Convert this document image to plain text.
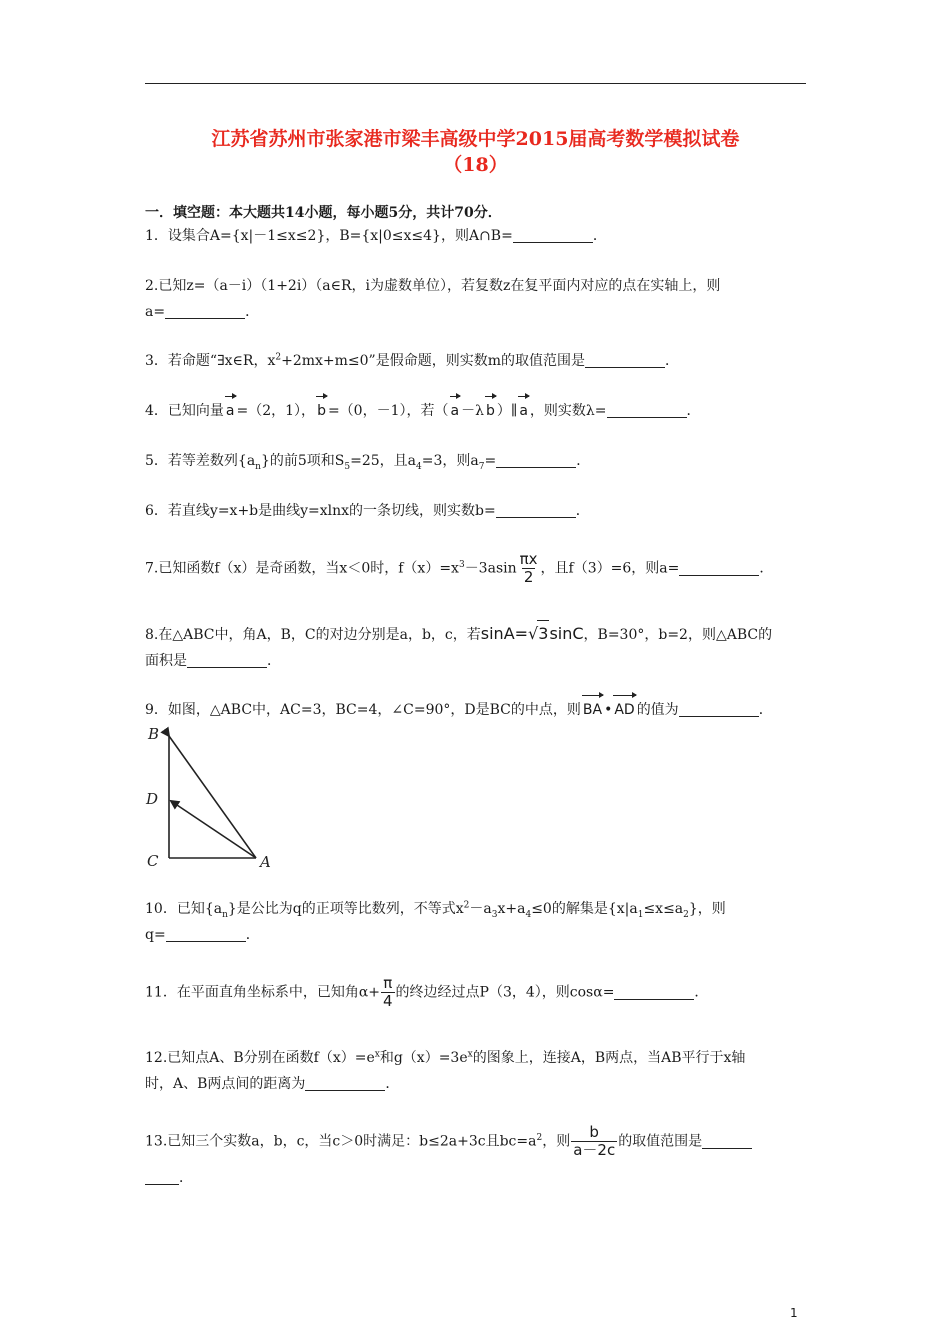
江苏省苏州市张家港市梁丰高级中学2015届高考数学模拟试卷
（18）
一．填空题：本大题共14小题，每小题5分，共计70分．
1．设集合A={x|－1≤x≤2}，B={x|0≤x≤4}，则A∩B=	．
2.已知z=（a－i）（1+2i）（a∈R，i为虚数单位），若复数z在复平面内对应的点在实轴上，则
a=	．
3．若命题“∃x∈R，$x^2+2mx+m\le 0$”是假命题，则实数m的取值范围是	．
4．已知向量 a =（2，1）， b =（0，－1），若（ a －λ b ）∥ a ，则实数λ=	．
5．若等差数列$\{a_n\}$的前5项和$S_5=25$，且$a_4=3$，则$a_7=$	．
6．若直线y=x+b是曲线y=xlnx的一条切线，则实数b=	．
7.已知函数f（x）是奇函数，当x＜0时，$f(x)=x^3-3asin \frac{\pi x}{2}$ ，且f（3）=6，则a=	．
8.在△ABC中，角A，B，C的对边分别是a，b，c，若sinA=√3sinC，B=30°，b=2，则△ABC的
面积是	．
9．如图，△ABC中，AC=3，BC=4，∠C=90°，D是BC的中点，则 BA • AD 的值为	．
B
D
C	A
10．已知$\{a_n\}$是公比为q的正项等比数列，不等式$x^2-a_3x+a_4\le 0$的解集是$\{x|a_1\le x\le a_2\}$，则
q=	．
11．在平面直角坐标系中，已知角$\alpha+ \frac{\pi}{4}$ 的终边经过点P（3，4），则cosα=	．
12.已知点A、B分别在函数$f(x)=e^x$和$g(x)=3e^x$的图象上，连接A，B两点，当AB平行于x轴
时，A、B两点间的距离为	．
13.已知三个实数a，b，c，当c＞0时满足：b≤2a+3c且$bc=a^2$，则 $\frac{b}{a-2c}$ 的取值范围是
．
1
